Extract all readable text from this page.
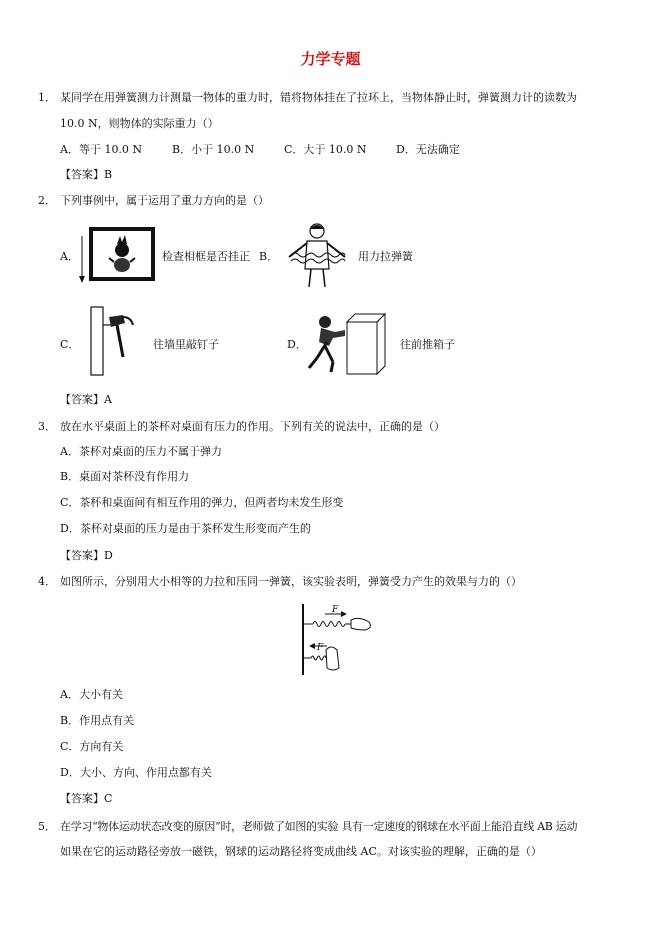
力学专题
1． 某同学在用弹簧测力计测量一物体的重力时，错将物体挂在了拉环上，当物体静止时，弹簧测力计的读数为
10.0 N，则物体的实际重力（）
A．等于 10.0 N	B．小于 10.0 N	C．大于 10.0 N	D．无法确定
【答案】B
2． 下列事例中，属于运用了重力方向的是（）
A．	检查相框是否挂正 B．	用力拉弹簧
C．	往墙里敲钉子	D．	往前推箱子
【答案】A
3． 放在水平桌面上的茶杯对桌面有压力的作用。下列有关的说法中，正确的是（）
A．茶杯对桌面的压力不属于弹力
B．桌面对茶杯没有作用力
C．茶杯和桌面间有相互作用的弹力，但两者均未发生形变
D．茶杯对桌面的压力是由于茶杯发生形变而产生的
【答案】D
4． 如图所示，分别用大小相等的力拉和压同一弹簧，该实验表明，弹簧受力产生的效果与力的（）
F
F
A．大小有关
B．作用点有关
C．方向有关
D．大小、方向、作用点都有关
【答案】C
5． 在学习“物体运动状态改变的原因”时，老师做了如图的实验 具有一定速度的钢球在水平面上能沿直线 AB 运动
如果在它的运动路径旁放一磁铁，钢球的运动路径将变成曲线 AC。对该实验的理解，正确的是（）
